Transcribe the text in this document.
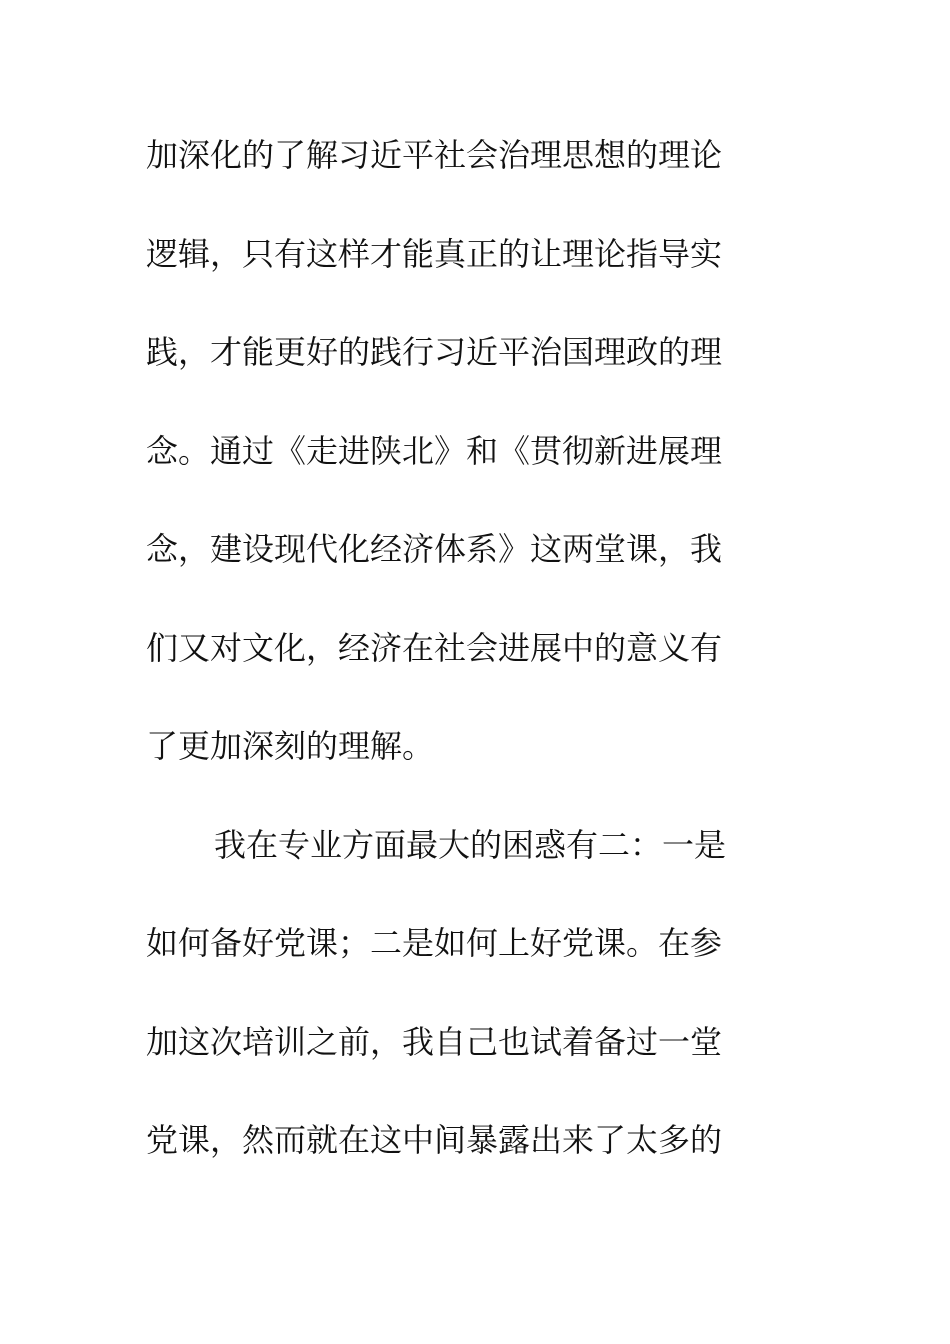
加深化的了解习近平社会治理思想的理论
逻辑，只有这样才能真正的让理论指导实
践，才能更好的践行习近平治国理政的理
念。通过《走进陕北》和《贯彻新进展理
念，建设现代化经济体系》这两堂课，我
们又对文化，经济在社会进展中的意义有
了更加深刻的理解。
我在专业方面最大的困惑有二：一是
如何备好党课；二是如何上好党课。在参
加这次培训之前，我自己也试着备过一堂
党课，然而就在这中间暴露出来了太多的
